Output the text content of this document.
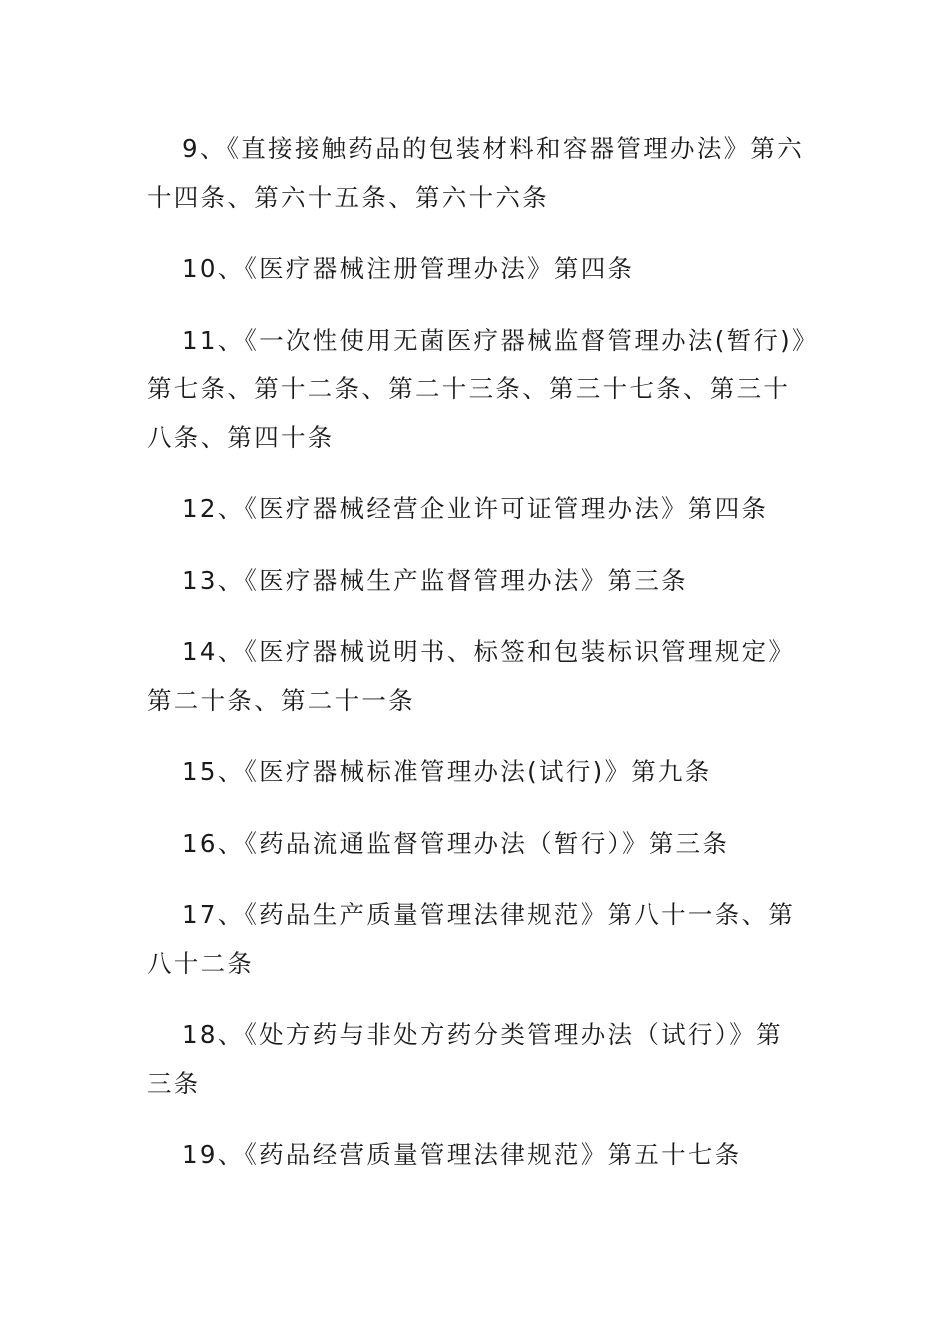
9、《直接接触药品的包装材料和容器管理办法》第六十四条、第六十五条、第六十六条

10、《医疗器械注册管理办法》第四条

11、《一次性使用无菌医疗器械监督管理办法(暂行)》第七条、第十二条、第二十三条、第三十七条、第三十八条、第四十条

12、《医疗器械经营企业许可证管理办法》第四条

13、《医疗器械生产监督管理办法》第三条

14、《医疗器械说明书、标签和包装标识管理规定》第二十条、第二十一条

15、《医疗器械标准管理办法(试行)》第九条

16、《药品流通监督管理办法（暂行）》第三条

17、《药品生产质量管理法律规范》第八十一条、第八十二条

18、《处方药与非处方药分类管理办法（试行）》第三条

19、《药品经营质量管理法律规范》第五十七条
